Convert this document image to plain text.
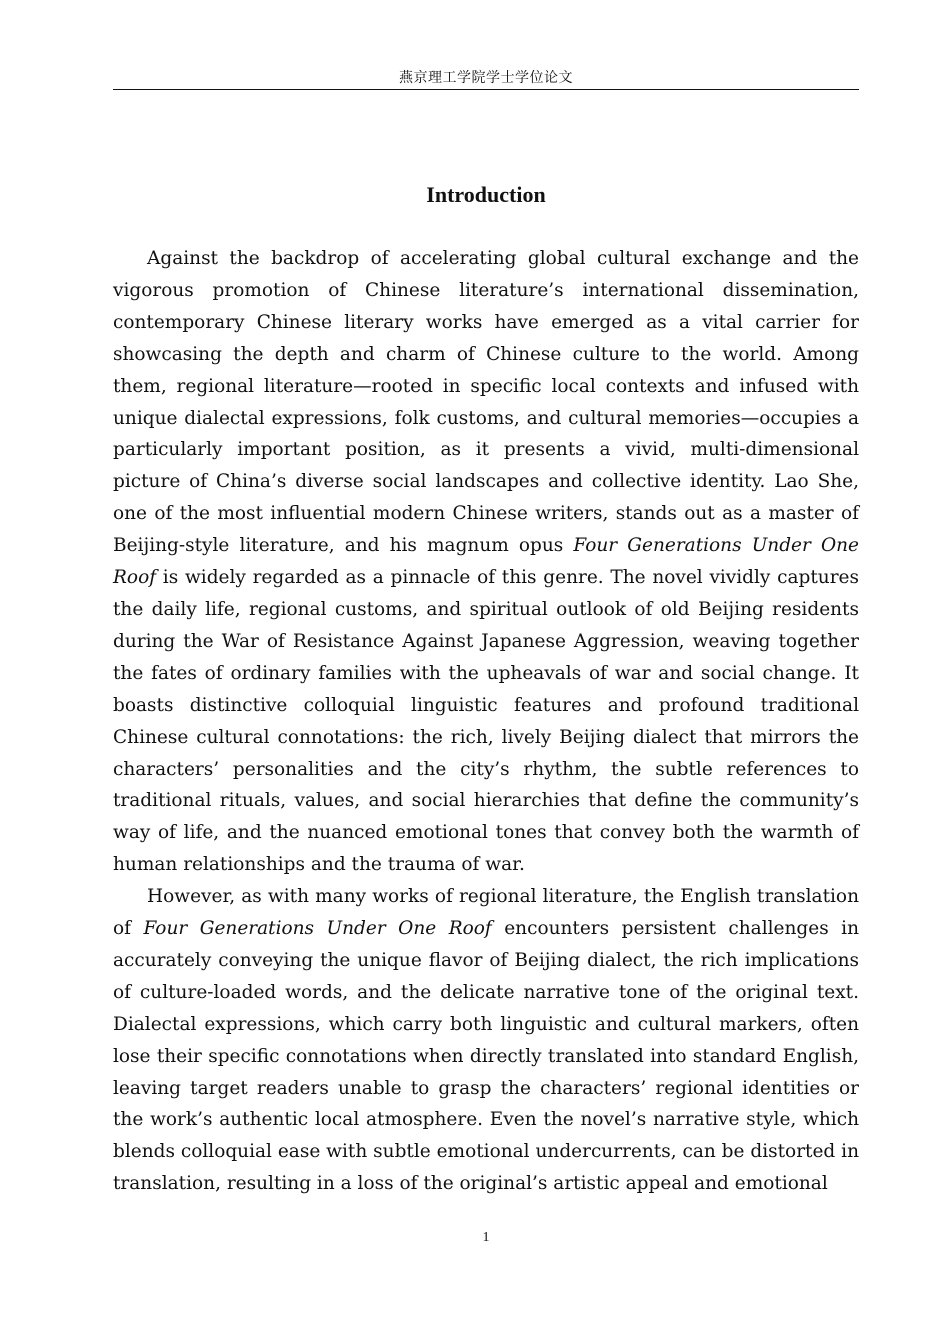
燕京理工学院学士学位论文
Introduction

Against the backdrop of accelerating global cultural exchange and the vigorous promotion of Chinese literature’s international dissemination, contemporary Chinese literary works have emerged as a vital carrier for showcasing the depth and charm of Chinese culture to the world. Among them, regional literature—rooted in specific local contexts and infused with unique dialectal expressions, folk customs, and cultural memories—occupies a particularly important position, as it presents a vivid, multi-dimensional picture of China’s diverse social landscapes and collective identity. Lao She, one of the most influential modern Chinese writers, stands out as a master of Beijing-style literature, and his magnum opus Four Generations Under One Roof is widely regarded as a pinnacle of this genre. The novel vividly captures the daily life, regional customs, and spiritual outlook of old Beijing residents during the War of Resistance Against Japanese Aggression, weaving together the fates of ordinary families with the upheavals of war and social change. It boasts distinctive colloquial linguistic features and profound traditional Chinese cultural connotations: the rich, lively Beijing dialect that mirrors the characters’ personalities and the city’s rhythm, the subtle references to traditional rituals, values, and social hierarchies that define the community’s way of life, and the nuanced emotional tones that convey both the warmth of human relationships and the trauma of war.

However, as with many works of regional literature, the English translation of Four Generations Under One Roof encounters persistent challenges in accurately conveying the unique flavor of Beijing dialect, the rich implications of culture-loaded words, and the delicate narrative tone of the original text. Dialectal expressions, which carry both linguistic and cultural markers, often lose their specific connotations when directly translated into standard English, leaving target readers unable to grasp the characters’ regional identities or the work’s authentic local atmosphere. Even the novel’s narrative style, which blends colloquial ease with subtle emotional undercurrents, can be distorted in translation, resulting in a loss of the original’s artistic appeal and emotional

1
